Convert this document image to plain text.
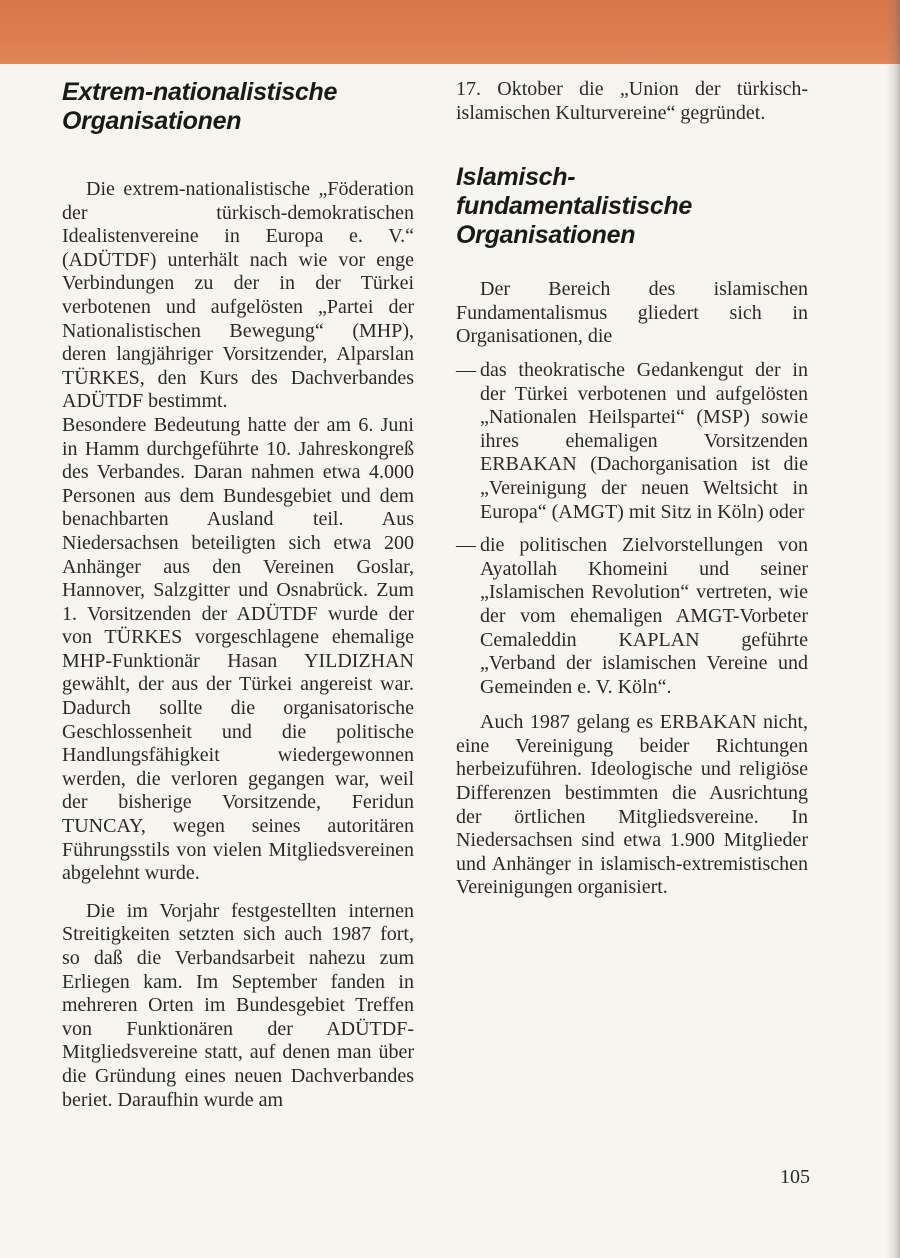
Extrem-nationalistische Organisationen

Die extrem-nationalistische „Föderation der türkisch-demokratischen Idealistenvereine in Europa e. V.“ (ADÜTDF) unterhält nach wie vor enge Verbindungen zu der in der Türkei verbotenen und aufgelösten „Partei der Nationalistischen Bewegung“ (MHP), deren langjähriger Vorsitzender, Alparslan TÜRKES, den Kurs des Dachverbandes ADÜTDF bestimmt.

Besondere Bedeutung hatte der am 6. Juni in Hamm durchgeführte 10. Jahreskongreß des Verbandes. Daran nahmen etwa 4.000 Personen aus dem Bundesgebiet und dem benachbarten Ausland teil. Aus Niedersachsen beteiligten sich etwa 200 Anhänger aus den Vereinen Goslar, Hannover, Salzgitter und Osnabrück. Zum 1. Vorsitzenden der ADÜTDF wurde der von TÜRKES vorgeschlagene ehemalige MHP-Funktionär Hasan YILDIZHAN gewählt, der aus der Türkei angereist war. Dadurch sollte die organisatorische Geschlossenheit und die politische Handlungsfähigkeit wiedergewonnen werden, die verloren gegangen war, weil der bisherige Vorsitzende, Feridun TUNCAY, wegen seines autoritären Führungsstils von vielen Mitgliedsvereinen abgelehnt wurde.

Die im Vorjahr festgestellten internen Streitigkeiten setzten sich auch 1987 fort, so daß die Verbandsarbeit nahezu zum Erliegen kam. Im September fanden in mehreren Orten im Bundesgebiet Treffen von Funktionären der ADÜTDF-Mitgliedsvereine statt, auf denen man über die Gründung eines neuen Dachverbandes beriet. Daraufhin wurde am

17. Oktober die „Union der türkisch-islamischen Kulturvereine“ gegründet.

Islamisch-fundamentalistische Organisationen

Der Bereich des islamischen Fundamentalismus gliedert sich in Organisationen, die

— das theokratische Gedankengut der in der Türkei verbotenen und aufgelösten „Nationalen Heilspartei“ (MSP) sowie ihres ehemaligen Vorsitzenden ERBAKAN (Dachorganisation ist die „Vereinigung der neuen Weltsicht in Europa“ (AMGT) mit Sitz in Köln) oder
— die politischen Zielvorstellungen von Ayatollah Khomeini und seiner „Islamischen Revolution“ vertreten, wie der vom ehemaligen AMGT-Vorbeter Cemaleddin KAPLAN geführte „Verband der islamischen Vereine und Gemeinden e. V. Köln“.

Auch 1987 gelang es ERBAKAN nicht, eine Vereinigung beider Richtungen herbeizuführen. Ideologische und religiöse Differenzen bestimmten die Ausrichtung der örtlichen Mitgliedsvereine. In Niedersachsen sind etwa 1.900 Mitglieder und Anhänger in islamisch-extremistischen Vereinigungen organisiert.

105
